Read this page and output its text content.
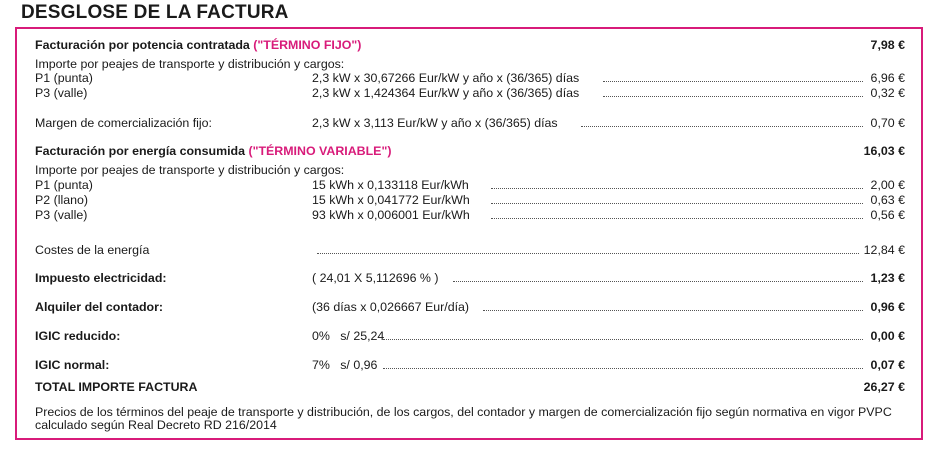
DESGLOSE DE LA FACTURA
Facturación por potencia contratada ("TÉRMINO FIJO")	7,98 €
Importe por peajes de transporte y distribución y cargos:
P1 (punta)	2,3 kW x 30,67266 Eur/kW y año x (36/365) días	6,96 €
P3 (valle)	2,3 kW x 1,424364 Eur/kW y año x (36/365) días	0,32 €
Margen de comercialización fijo:	2,3 kW x 3,113 Eur/kW y año x (36/365) días	0,70 €
Facturación por energía consumida ("TÉRMINO VARIABLE")	16,03 €
Importe por peajes de transporte y distribución y cargos:
P1 (punta)	15 kWh x 0,133118 Eur/kWh	2,00 €
P2 (llano)	15 kWh x 0,041772 Eur/kWh	0,63 €
P3 (valle)	93 kWh x 0,006001 Eur/kWh	0,56 €
Costes de la energía	12,84 €
Impuesto electricidad:	( 24,01 X 5,112696 % )	1,23 €
Alquiler del contador:	(36 días x 0,026667 Eur/día)	0,96 €
IGIC reducido:	0%   s/ 25,24	0,00 €
IGIC normal:	7%   s/ 0,96	0,07 €
TOTAL IMPORTE FACTURA	26,27 €
Precios de los términos del peaje de transporte y distribución, de los cargos, del contador y margen de comercialización fijo según normativa en vigor PVPC calculado según Real Decreto RD 216/2014
